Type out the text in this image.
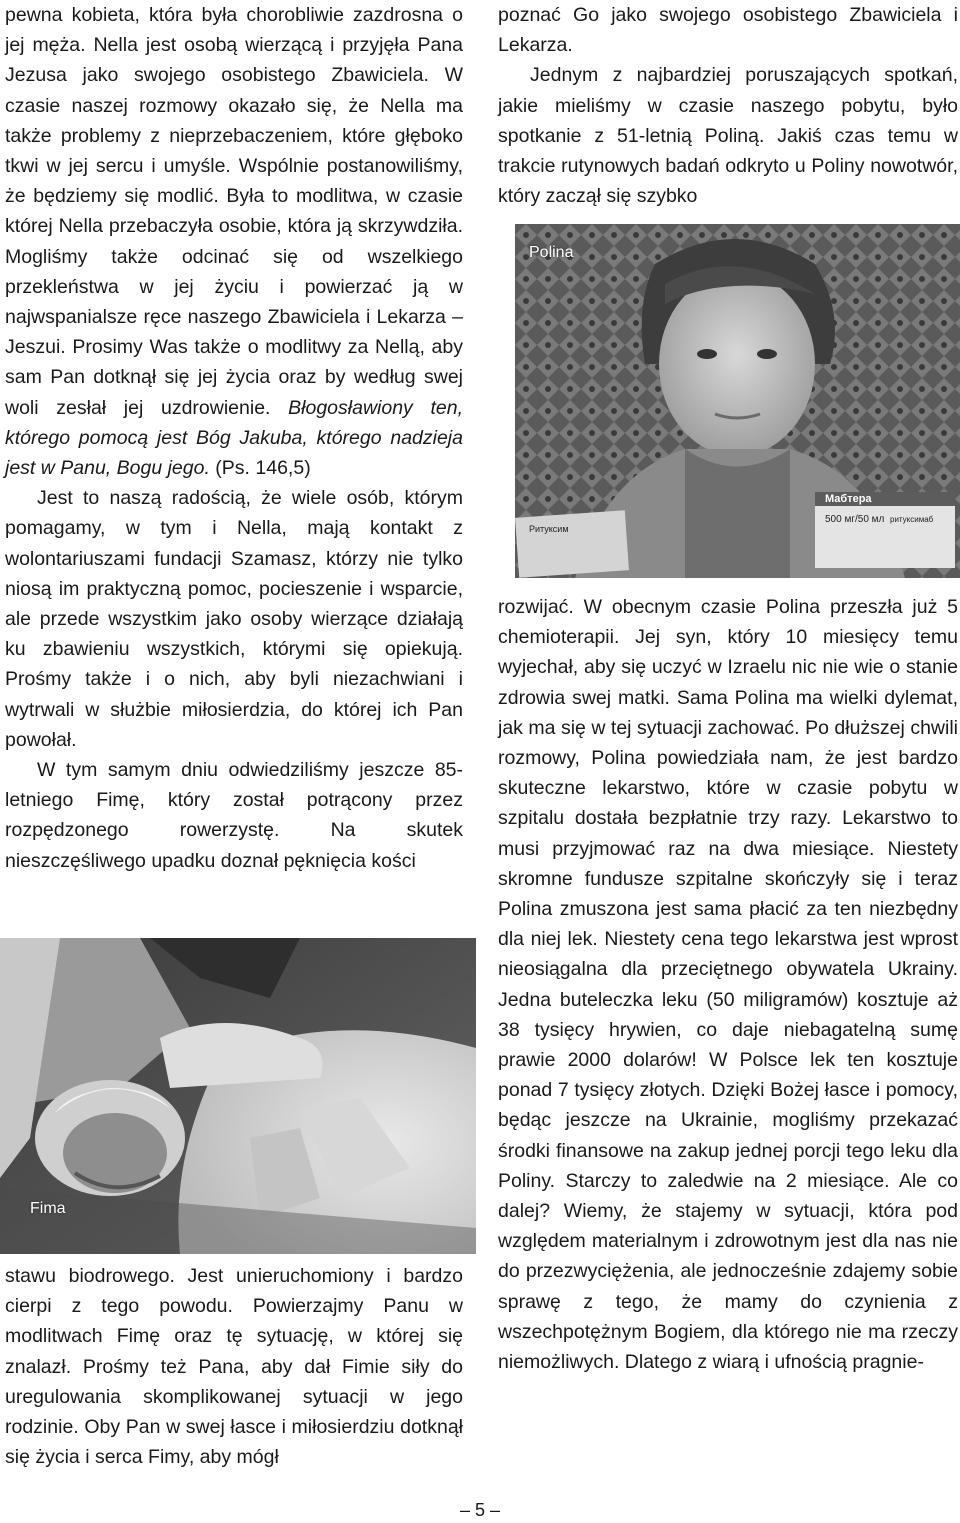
pewna kobieta, która była chorobliwie zazdrosna o jej męża. Nella jest osobą wierzącą i przyjęła Pana Jezusa jako swojego osobistego Zbawiciela. W czasie naszej rozmowy okazało się, że Nella ma także problemy z nieprzebaczeniem, które głęboko tkwi w jej sercu i umyśle. Wspólnie postanowiliśmy, że będziemy się modlić. Była to modlitwa, w czasie której Nella przebaczyła osobie, która ją skrzywdziła. Mogliśmy także odcinać się od wszelkiego przekleństwa w jej życiu i powierzać ją w najwspanialsze ręce naszego Zbawiciela i Lekarza – Jeszui. Prosimy Was także o modlitwy za Nellą, aby sam Pan dotknął się jej życia oraz by według swej woli zesłał jej uzdrowienie. Błogosławiony ten, którego pomocą jest Bóg Jakuba, którego nadzieja jest w Panu, Bogu jego. (Ps. 146,5)

Jest to naszą radością, że wiele osób, którym pomagamy, w tym i Nella, mają kontakt z wolontariuszami fundacji Szamasz, którzy nie tylko niosą im praktyczną pomoc, pocieszenie i wsparcie, ale przede wszystkim jako osoby wierzące działają ku zbawieniu wszystkich, którymi się opiekują. Prośmy także i o nich, aby byli niezachwiani i wytrwali w służbie miłosierdzia, do której ich Pan powołał.

W tym samym dniu odwiedziliśmy jeszcze 85-letniego Fimę, który został potrącony przez rozpędzonego rowerzystę. Na skutek nieszczęśliwego upadku doznał pęknięcia kości

Fima

stawu biodrowego. Jest unieruchomiony i bardzo cierpi z tego powodu. Powierzajmy Panu w modlitwach Fimę oraz tę sytuację, w której się znalazł. Prośmy też Pana, aby dał Fimie siły do uregulowania skomplikowanej sytuacji w jego rodzinie. Oby Pan w swej łasce i miłosierdziu dotknął się życia i serca Fimy, aby mógł

poznać Go jako swojego osobistego Zbawiciela i Lekarza.

Jednym z najbardziej poruszających spotkań, jakie mieliśmy w czasie naszego pobytu, było spotkanie z 51-letnią Poliną. Jakiś czas temu w trakcie rutynowych badań odkryto u Poliny nowotwór, który zaczął się szybko

Ритуксим
Мабтера
500 мг/50 мл ритуксимаб
Polina

rozwijać. W obecnym czasie Polina przeszła już 5 chemioterapii. Jej syn, który 10 miesięcy temu wyjechał, aby się uczyć w Izraelu nic nie wie o stanie zdrowia swej matki. Sama Polina ma wielki dylemat, jak ma się w tej sytuacji zachować. Po dłuższej chwili rozmowy, Polina powiedziała nam, że jest bardzo skuteczne lekarstwo, które w czasie pobytu w szpitalu dostała bezpłatnie trzy razy. Lekarstwo to musi przyjmować raz na dwa miesiące. Niestety skromne fundusze szpitalne skończyły się i teraz Polina zmuszona jest sama płacić za ten niezbędny dla niej lek. Niestety cena tego lekarstwa jest wprost nieosiągalna dla przeciętnego obywatela Ukrainy. Jedna buteleczka leku (50 miligramów) kosztuje aż 38 tysięcy hrywien, co daje niebagatelną sumę prawie 2000 dolarów! W Polsce lek ten kosztuje ponad 7 tysięcy złotych. Dzięki Bożej łasce i pomocy, będąc jeszcze na Ukrainie, mogliśmy przekazać środki finansowe na zakup jednej porcji tego leku dla Poliny. Starczy to zaledwie na 2 miesiące. Ale co dalej? Wiemy, że stajemy w sytuacji, która pod względem materialnym i zdrowotnym jest dla nas nie do przezwyciężenia, ale jednocześnie zdajemy sobie sprawę z tego, że mamy do czynienia z wszechpotężnym Bogiem, dla którego nie ma rzeczy niemożliwych. Dlatego z wiarą i ufnością pragnie-

– 5 –
